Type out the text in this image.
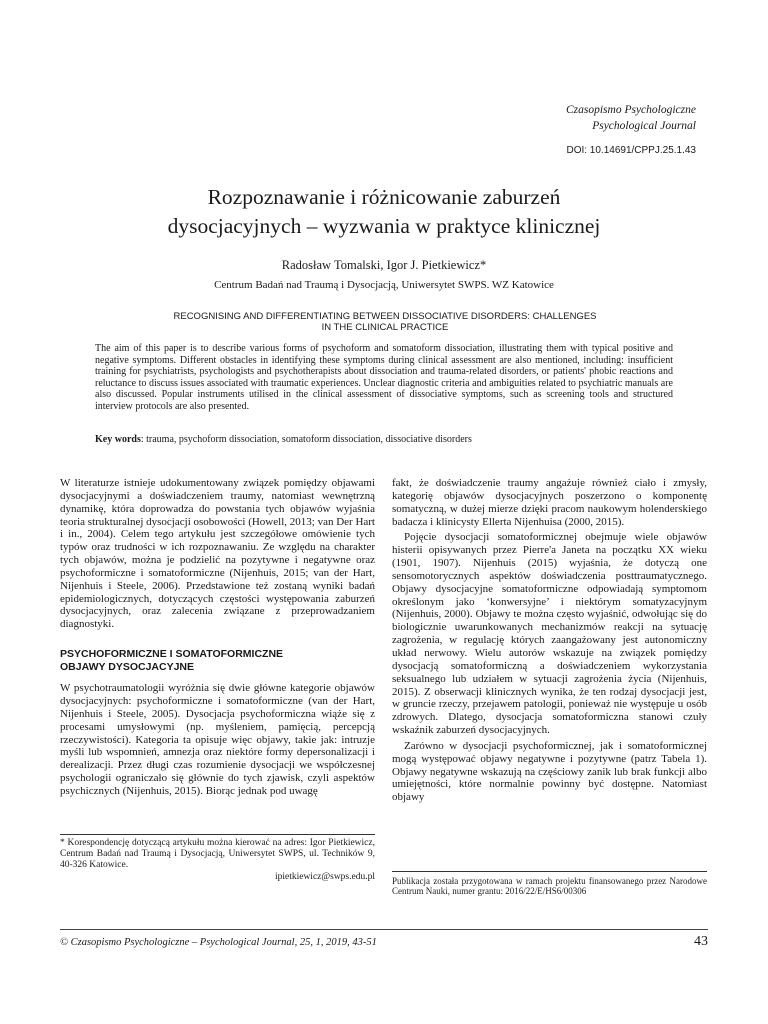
Czasopismo Psychologiczne
Psychological Journal
DOI: 10.14691/CPPJ.25.1.43
Rozpoznawanie i różnicowanie zaburzeń
dysocjacyjnych – wyzwania w praktyce klinicznej
Radosław Tomalski, Igor J. Pietkiewicz*
Centrum Badań nad Traumą i Dysocjacją, Uniwersytet SWPS. WZ Katowice
RECOGNISING AND DIFFERENTIATING BETWEEN DISSOCIATIVE DISORDERS: CHALLENGES
IN THE CLINICAL PRACTICE

The aim of this paper is to describe various forms of psychoform and somatoform dissociation, illustrating them with typical positive and negative symptoms. Different obstacles in identifying these symptoms during clinical assessment are also mentioned, including: insufficient training for psychiatrists, psychologists and psychotherapists about dissociation and trauma-related disorders, or patients' phobic reactions and reluctance to discuss issues associated with traumatic experiences. Unclear diagnostic criteria and ambiguities related to psychiatric manuals are also discussed. Popular instruments utilised in the clinical assessment of dissociative symptoms, such as screening tools and structured interview protocols are also presented.

Key words: trauma, psychoform dissociation, somatoform dissociation, dissociative disorders

W literaturze istnieje udokumentowany związek pomiędzy objawami dysocjacyjnymi a doświadczeniem traumy, natomiast wewnętrzną dynamikę, która doprowadza do powstania tych objawów wyjaśnia teoria strukturalnej dysocjacji osobowości (Howell, 2013; van Der Hart i in., 2004). Celem tego artykułu jest szczegółowe omówienie tych typów oraz trudności w ich rozpoznawaniu. Ze względu na charakter tych objawów, można je podzielić na pozytywne i negatywne oraz psychoformiczne i somatoformiczne (Nijenhuis, 2015; van der Hart, Nijenhuis i Steele, 2006). Przedstawione też zostaną wyniki badań epidemiologicznych, dotyczących częstości występowania zaburzeń dysocjacyjnych, oraz zalecenia związane z przeprowadzaniem diagnostyki.

PSYCHOFORMICZNE I SOMATOFORMICZNE
OBJAWY DYSOCJACYJNE

W psychotraumatologii wyróżnia się dwie główne kategorie objawów dysocjacyjnych: psychoformiczne i somatoformiczne (van der Hart, Nijenhuis i Steele, 2005). Dysocjacja psychoformiczna wiąże się z procesami umysłowymi (np. myśleniem, pamięcią, percepcją rzeczywistości). Kategoria ta opisuje więc objawy, takie jak: intruzje myśli lub wspomnień, amnezja oraz niektóre formy depersonalizacji i derealizacji. Przez długi czas rozumienie dysocjacji we współczesnej psychologii ograniczało się głównie do tych zjawisk, czyli aspektów psychicznych (Nijenhuis, 2015). Biorąc jednak pod uwagę

fakt, że doświadczenie traumy angażuje również ciało i zmysły, kategorię objawów dysocjacyjnych poszerzono o komponentę somatyczną, w dużej mierze dzięki pracom naukowym holenderskiego badacza i klinicysty Ellerta Nijenhuisa (2000, 2015).

Pojęcie dysocjacji somatoformicznej obejmuje wiele objawów histerii opisywanych przez Pierre'a Janeta na początku XX wieku (1901, 1907). Nijenhuis (2015) wyjaśnia, że dotyczą one sensomotorycznych aspektów doświadczenia posttraumatycznego. Objawy dysocjacyjne somatoformiczne odpowiadają symptomom określonym jako ‘konwersyjne’ i niektórym somatyzacyjnym (Nijenhuis, 2000). Objawy te można często wyjaśnić, odwołując się do biologicznie uwarunkowanych mechanizmów reakcji na sytuację zagrożenia, w regulację których zaangażowany jest autonomiczny układ nerwowy. Wielu autorów wskazuje na związek pomiędzy dysocjacją somatoformiczną a doświadczeniem wykorzystania seksualnego lub udziałem w sytuacji zagrożenia życia (Nijenhuis, 2015). Z obserwacji klinicznych wynika, że ten rodzaj dysocjacji jest, w gruncie rzeczy, przejawem patologii, ponieważ nie występuje u osób zdrowych. Dlatego, dysocjacja somatoformiczna stanowi czuły wskaźnik zaburzeń dysocjacyjnych.

Zarówno w dysocjacji psychoformicznej, jak i somatoformicznej mogą występować objawy negatywne i pozytywne (patrz Tabela 1). Objawy negatywne wskazują na częściowy zanik lub brak funkcji albo umiejętności, które normalnie powinny być dostępne. Natomiast objawy

* Korespondencję dotyczącą artykułu można kierować na adres: Igor Pietkiewicz, Centrum Badań nad Traumą i Dysocjacją, Uniwersytet SWPS, ul. Techników 9, 40-326 Katowice.
ipietkiewicz@swps.edu.pl Publikacja została przygotowana w ramach projektu finansowanego przez Narodowe Centrum Nauki, numer grantu: 2016/22/E/HS6/00306
© Czasopismo Psychologiczne – Psychological Journal, 25, 1, 2019, 43-51	43
